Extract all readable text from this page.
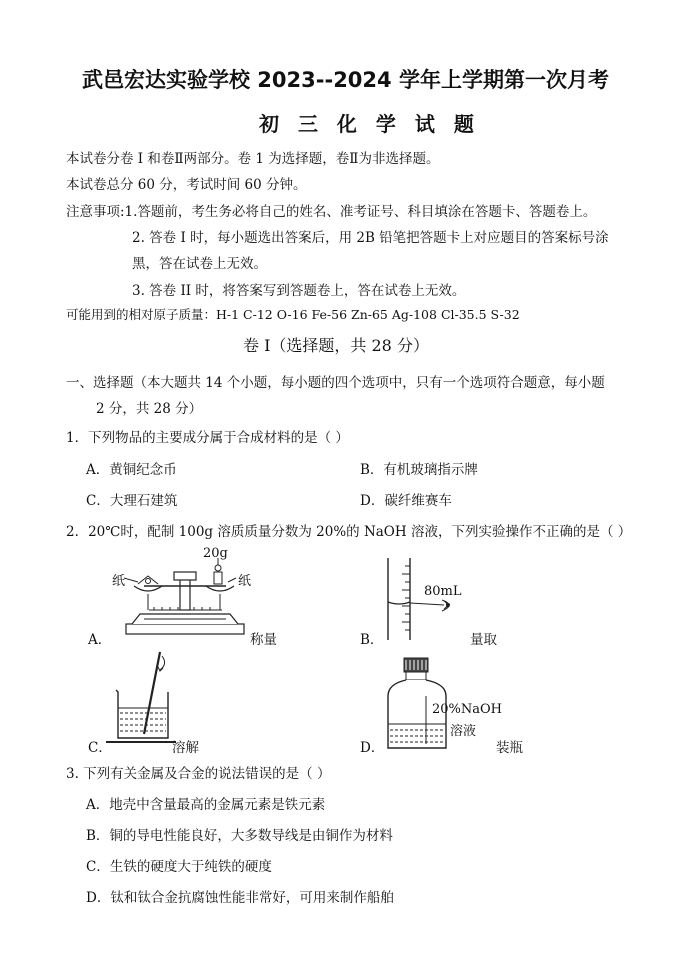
武邑宏达实验学校 2023--2024 学年上学期第一次月考
初 三 化 学 试 题
本试卷分卷 I 和卷Ⅱ两部分。卷 1 为选择题，卷Ⅱ为非选择题。
本试卷总分 60 分，考试时间 60 分钟。
注意事项:1.答题前，考生务必将自己的姓名、准考证号、科目填涂在答题卡、答题卷上。
2. 答卷 I 时，每小题选出答案后，用 2B 铅笔把答题卡上对应题目的答案标号涂
黑，答在试卷上无效。
3. 答卷 II 时，将答案写到答题卷上，答在试卷上无效。
可能用到的相对原子质量：H-1 C-12 O-16 Fe-56 Zn-65 Ag-108 Cl-35.5 S-32
卷 I（选择题，共 28 分）
一、选择题（本大题共 14 个小题，每小题的四个选项中，只有一个选项符合题意，每小题
2 分，共 28 分）
1．下列物品的主要成分属于合成材料的是（ ）
A．黄铜纪念币	B．有机玻璃指示牌
C．大理石建筑	D．碳纤维赛车
2．20℃时，配制 100g 溶质质量分数为 20%的 NaOH 溶液，下列实验操作不正确的是（ ）
A．
纸	纸
20g
称量	B．
80mL
量取
C．	溶解	D．
20%NaOH
溶液
装瓶
3. 下列有关金属及合金的说法错误的是（ ）
A．地壳中含量最高的金属元素是铁元素
B．铜的导电性能良好，大多数导线是由铜作为材料
C．生铁的硬度大于纯铁的硬度
D．钛和钛合金抗腐蚀性能非常好，可用来制作船舶
